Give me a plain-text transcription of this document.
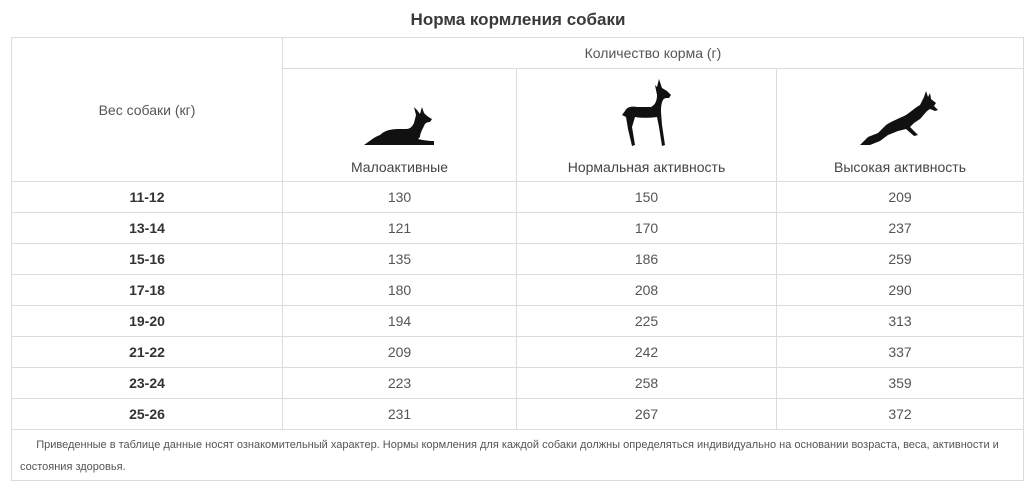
Норма кормления собаки
Вес собаки (кг)	Количество корма (г)		

	Малоактивные	Нормальная активность	Высокая активность

11-12	130	150	209
13-14	121	170	237
15-16	135	186	259
17-18	180	208	290
19-20	194	225	313
21-22	209	242	337
23-24	223	258	359
25-26	231	267	372
Приведенные в таблице данные носят ознакомительный характер. Нормы кормления для каждой собаки должны определяться индивидуально на основании возраста, веса, активности и состояния здоровья.			
